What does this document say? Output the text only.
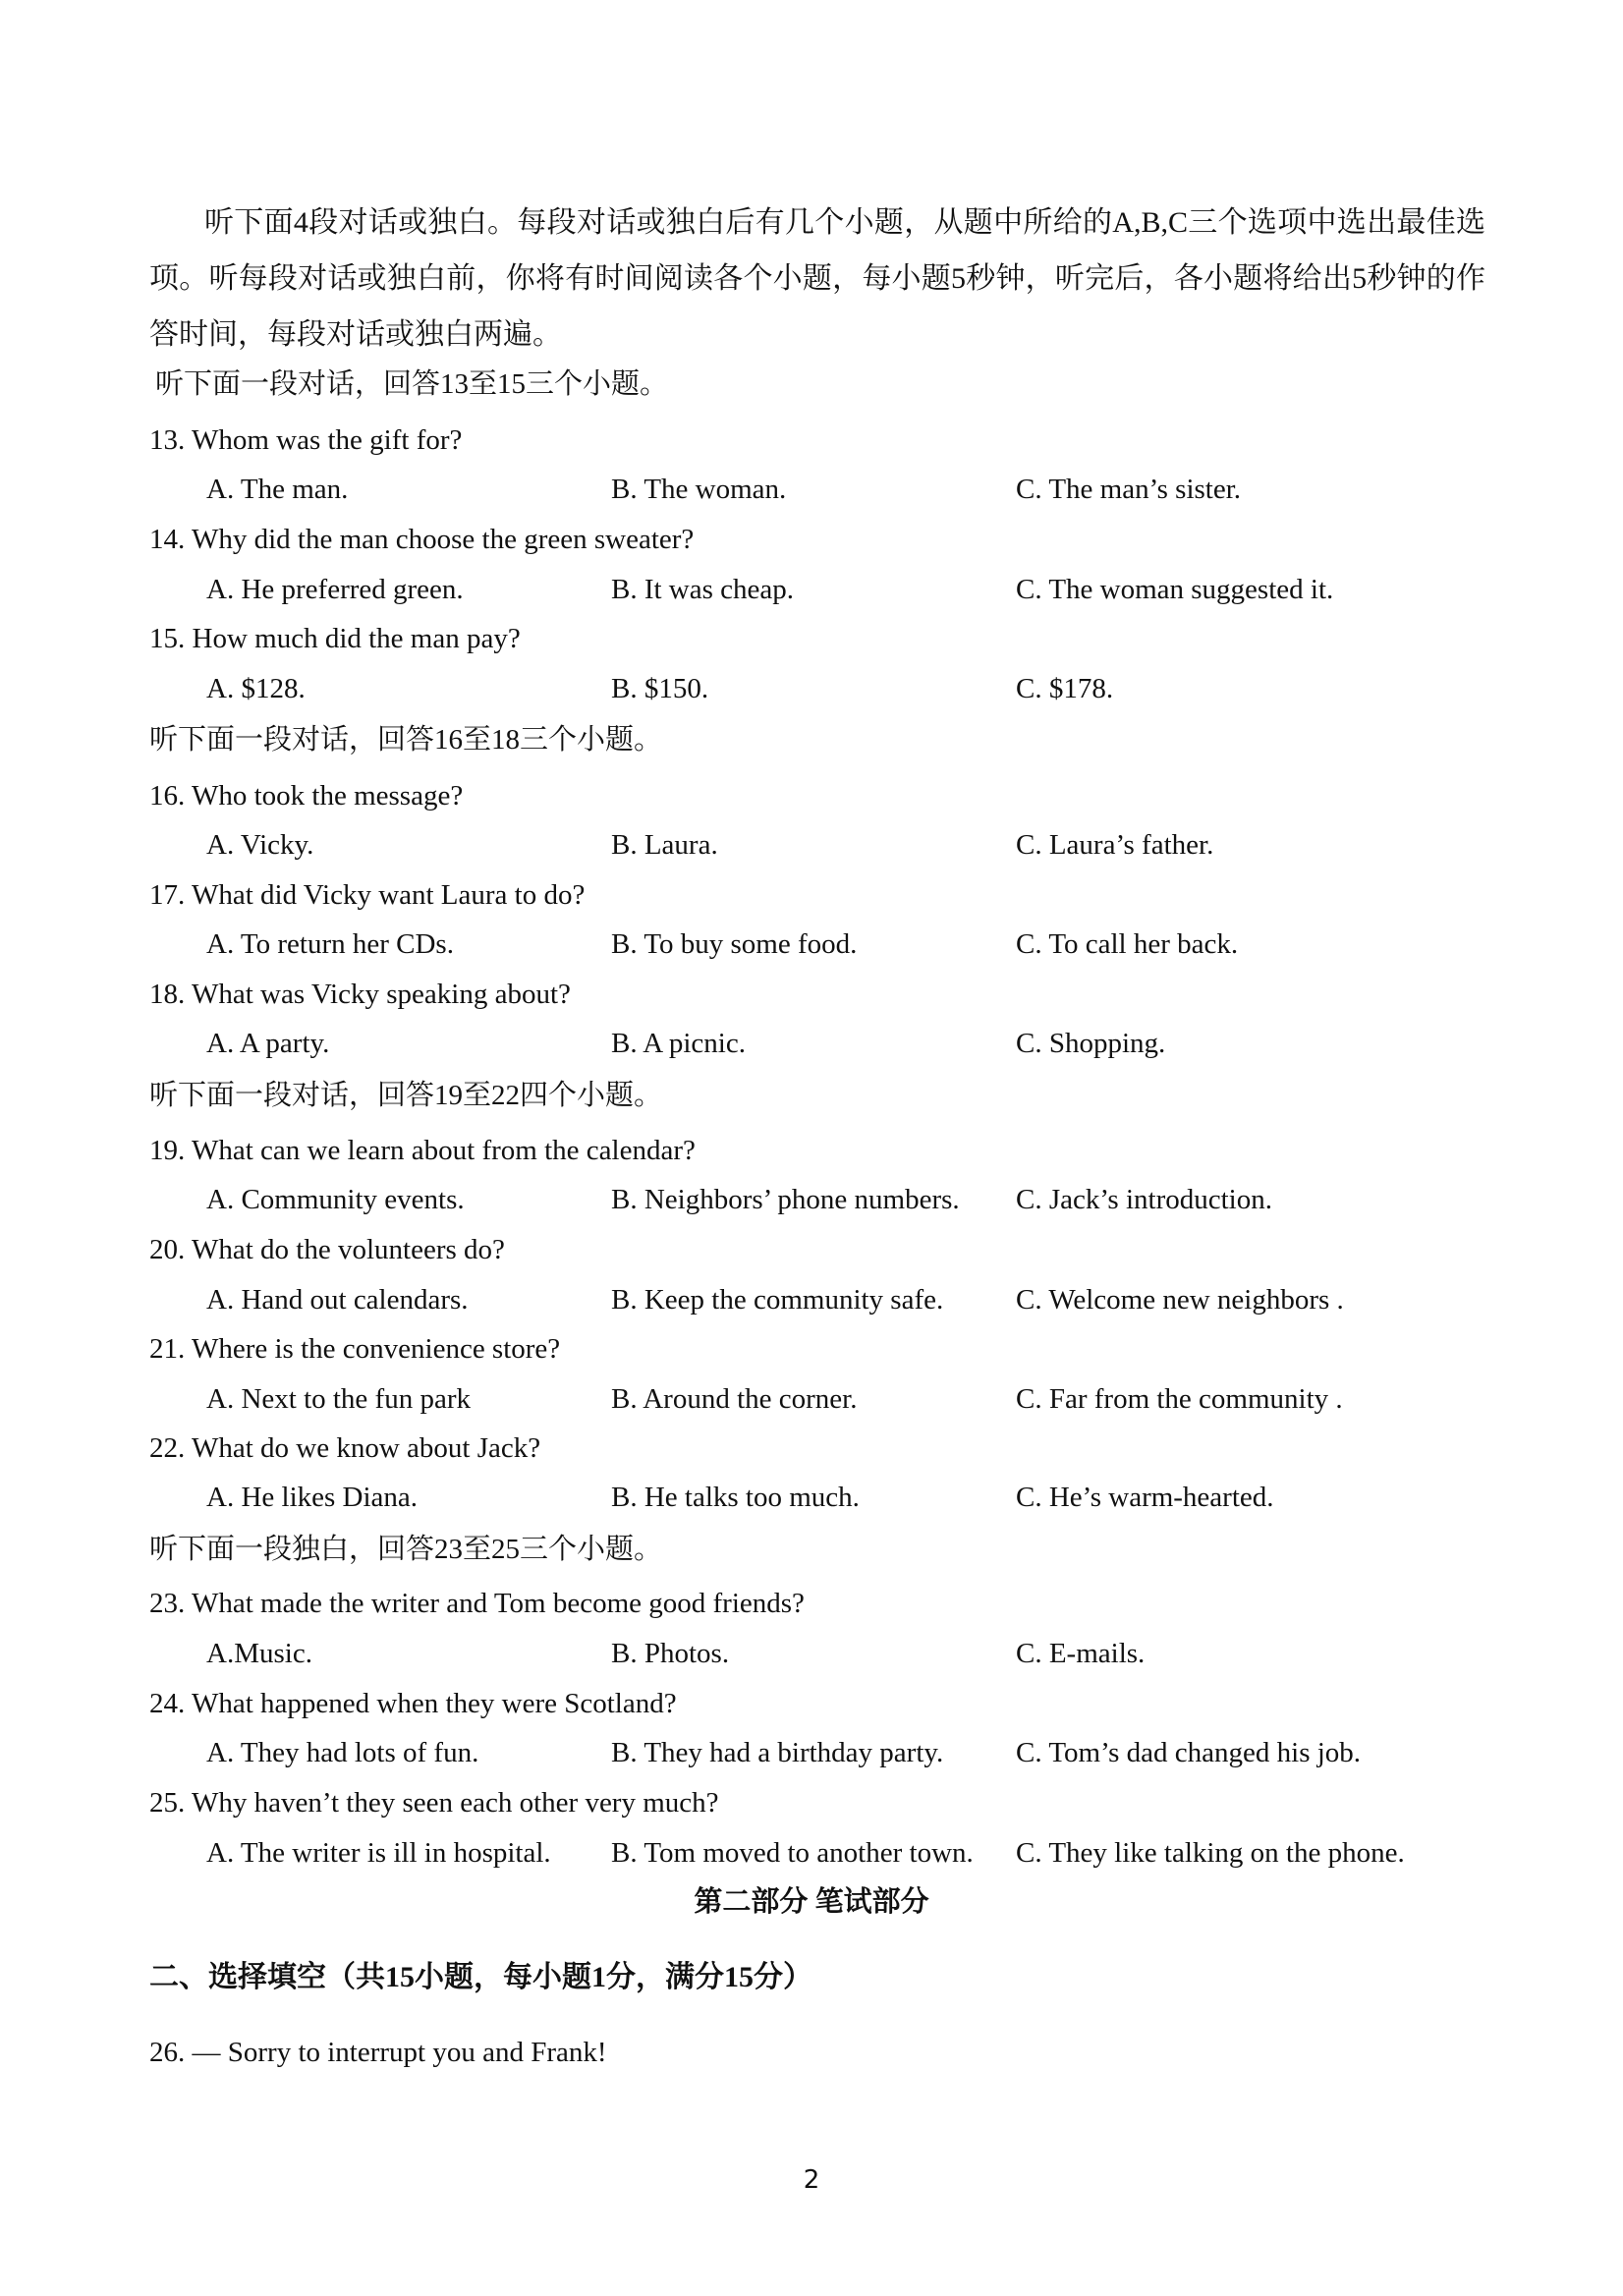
听下面4段对话或独白。每段对话或独白后有几个小题，从题中所给的A,B,C三个选项中选出最佳选项。听每段对话或独白前，你将有时间阅读各个小题，每小题5秒钟，听完后，各小题将给出5秒钟的作答时间，每段对话或独白两遍。

听下面一段对话，回答13至15三个小题。
13. Whom was the gift for?
A. The man.	B. The woman.	C. The man’s sister.
14. Why did the man choose the green sweater?
A. He preferred green.	B. It was cheap.	C. The woman suggested it.
15. How much did the man pay?
A. $128.	B. $150.	C. $178.
听下面一段对话，回答16至18三个小题。
16. Who took the message?
A. Vicky.	B. Laura.	C. Laura’s father.
17. What did Vicky want Laura to do?
A. To return her CDs.	B. To buy some food.	C. To call her back.
18. What was Vicky speaking about?
A. A party.	B. A picnic.	C. Shopping.
听下面一段对话，回答19至22四个小题。
19. What can we learn about from the calendar?
A. Community events.	B. Neighbors’ phone numbers. C. Jack’s introduction.
20. What do the volunteers do?
A. Hand out calendars.	B. Keep the community safe.	C. Welcome new neighbors .
21. Where is the convenience store?
A. Next to the fun park	B. Around the corner.	C. Far from the community .
22. What do we know about Jack?
A. He likes Diana.	B. He talks too much.	C. He’s warm-hearted.
听下面一段独白，回答23至25三个小题。
23. What made the writer and Tom become good friends?
A.Music.	B. Photos.	C. E-mails.
24. What happened when they were Scotland?
A. They had lots of fun.	B. They had a birthday party.	C. Tom’s dad changed his job.
25. Why haven’t they seen each other very much?
A. The writer is ill in hospital. B. Tom moved to another town. C. They like talking on the phone.
第二部分 笔试部分
二、选择填空（共15小题，每小题1分，满分15分）
26. — Sorry to interrupt you and Frank!
2
